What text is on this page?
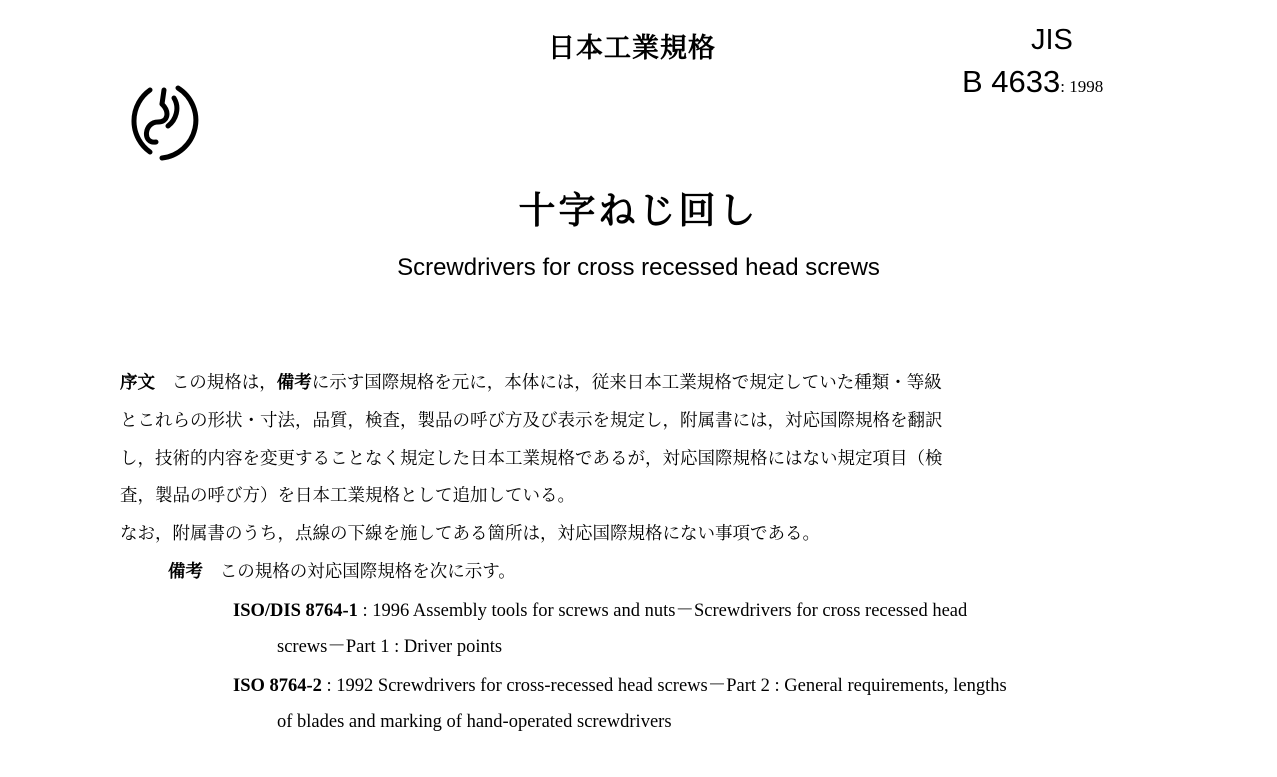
日本工業規格	JIS
B 4633: 1998
十字ねじ回し
Screwdrivers for cross recessed head screws
序文 この規格は，備考に示す国際規格を元に，本体には，従来日本工業規格で規定していた種類・等級
とこれらの形状・寸法，品質，検査，製品の呼び方及び表示を規定し，附属書には，対応国際規格を翻訳
し，技術的内容を変更することなく規定した日本工業規格であるが，対応国際規格にはない規定項目（検
査，製品の呼び方）を日本工業規格として追加している。
なお，附属書のうち，点線の下線を施してある箇所は，対応国際規格にない事項である。
備考 この規格の対応国際規格を次に示す。
ISO/DIS 8764-1 : 1996 Assembly tools for screws and nuts－Screwdrivers for cross recessed head
screws－Part 1 : Driver points
ISO 8764-2 : 1992 Screwdrivers for cross-recessed head screws－Part 2 : General requirements, lengths
of blades and marking of hand-operated screwdrivers
